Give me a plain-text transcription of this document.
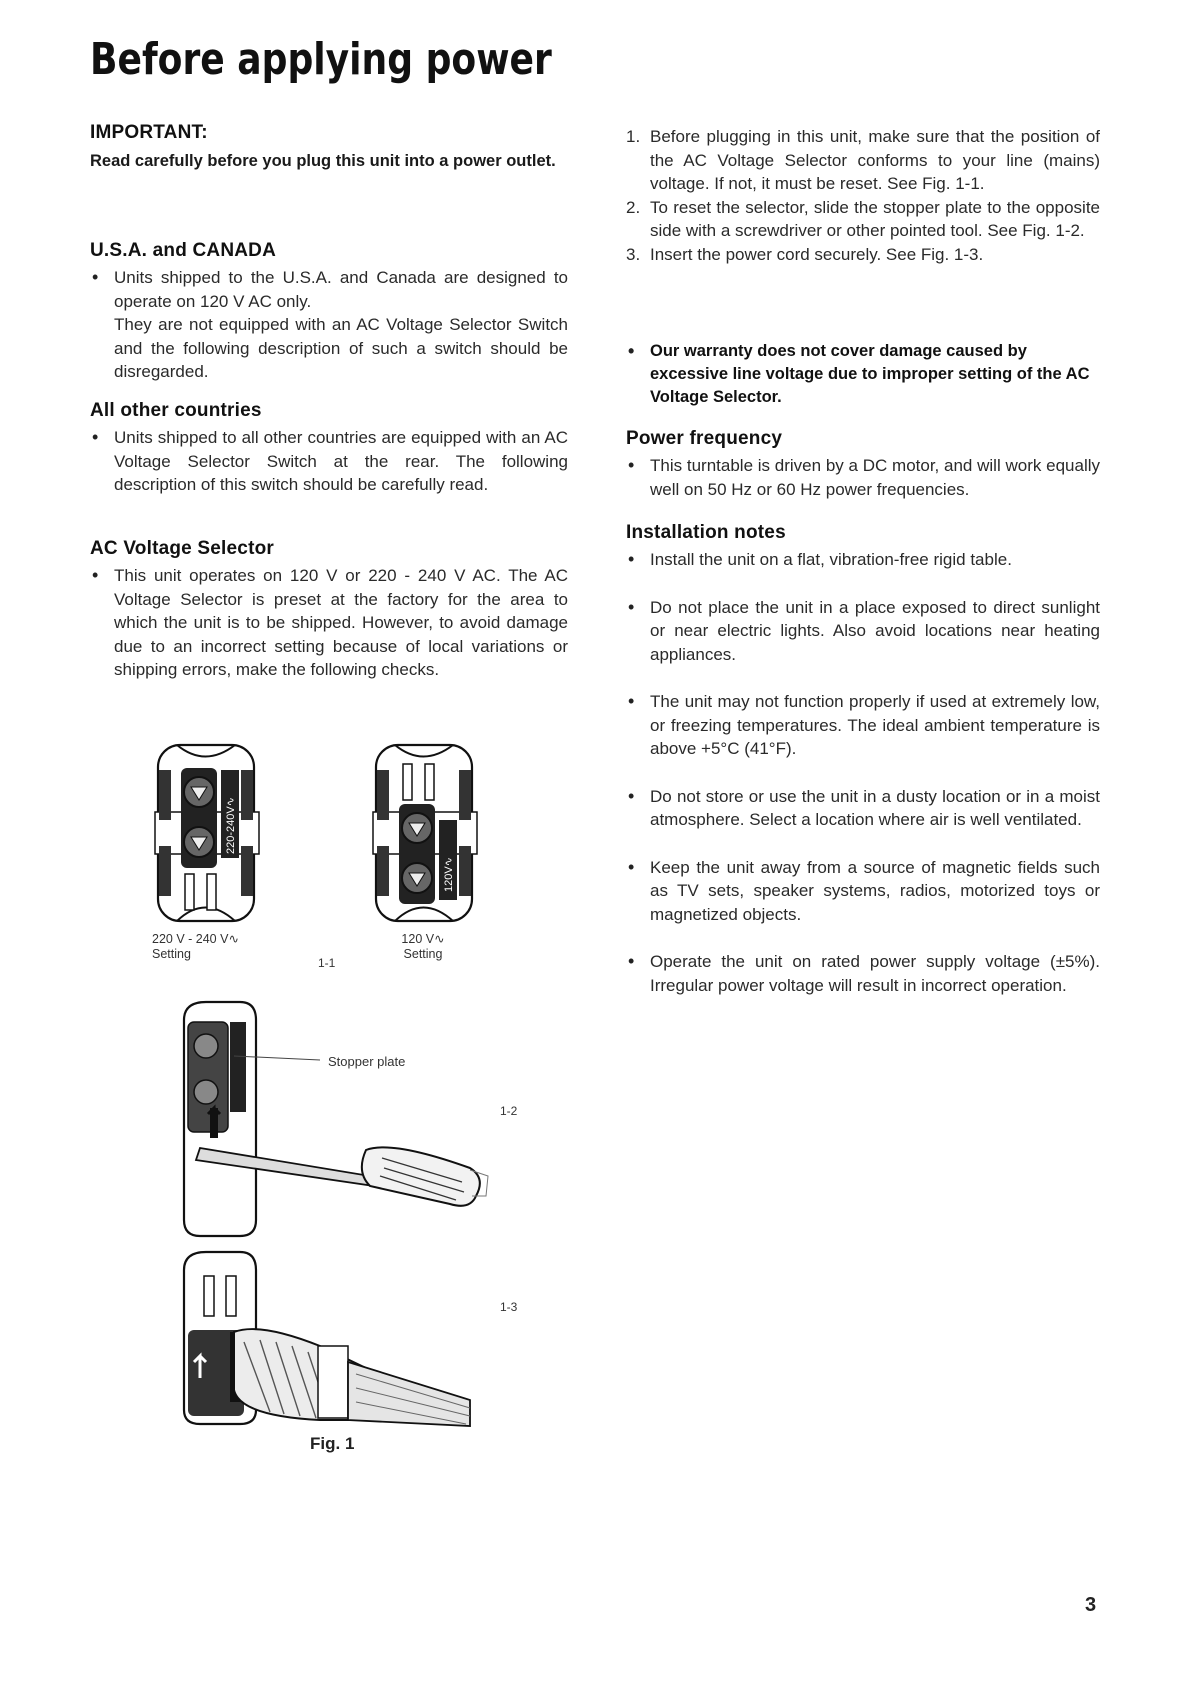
Before applying power
IMPORTANT:

Read carefully before you plug this unit into a power outlet.

U.S.A. and CANADA
• Units shipped to the U.S.A. and Canada are designed to operate on 120 V AC only.
They are not equipped with an AC Voltage Selector Switch and the following description of such a switch should be disregarded.
All other countries
• Units shipped to all other countries are equipped with an AC Voltage Selector Switch at the rear. The following description of this switch should be carefully read.
AC Voltage Selector
• This unit operates on 120 V or 220 - 240 V AC. The AC Voltage Selector is preset at the factory for the area to which the unit is to be shipped. However, to avoid damage due to an incorrect setting because of local variations or shipping errors, make the following checks.
220-240V∿
120V∿
220 V - 240 V∿
Setting
120 V∿
Setting
1-1
Stopper plate
1-2
1-3
Fig. 1
1. Before plugging in this unit, make sure that the position of the AC Voltage Selector conforms to your line (mains) voltage. If not, it must be reset. See Fig. 1-1.
2. To reset the selector, slide the stopper plate to the opposite side with a screwdriver or other pointed tool. See Fig. 1-2.
3. Insert the power cord securely. See Fig. 1-3.
• Our warranty does not cover damage caused by excessive line voltage due to improper setting of the AC Voltage Selector.
Power frequency
• This turntable is driven by a DC motor, and will work equally well on 50 Hz or 60 Hz power frequencies.
Installation notes
• Install the unit on a flat, vibration-free rigid table.
• Do not place the unit in a place exposed to direct sunlight or near electric lights. Also avoid locations near heating appliances.
• The unit may not function properly if used at extremely low, or freezing temperatures. The ideal ambient temperature is above +5°C (41°F).
• Do not store or use the unit in a dusty location or in a moist atmosphere. Select a location where air is well ventilated.
• Keep the unit away from a source of magnetic fields such as TV sets, speaker systems, radios, motorized toys or magnetized objects.
• Operate the unit on rated power supply voltage (±5%). Irregular power voltage will result in incorrect operation.
3
